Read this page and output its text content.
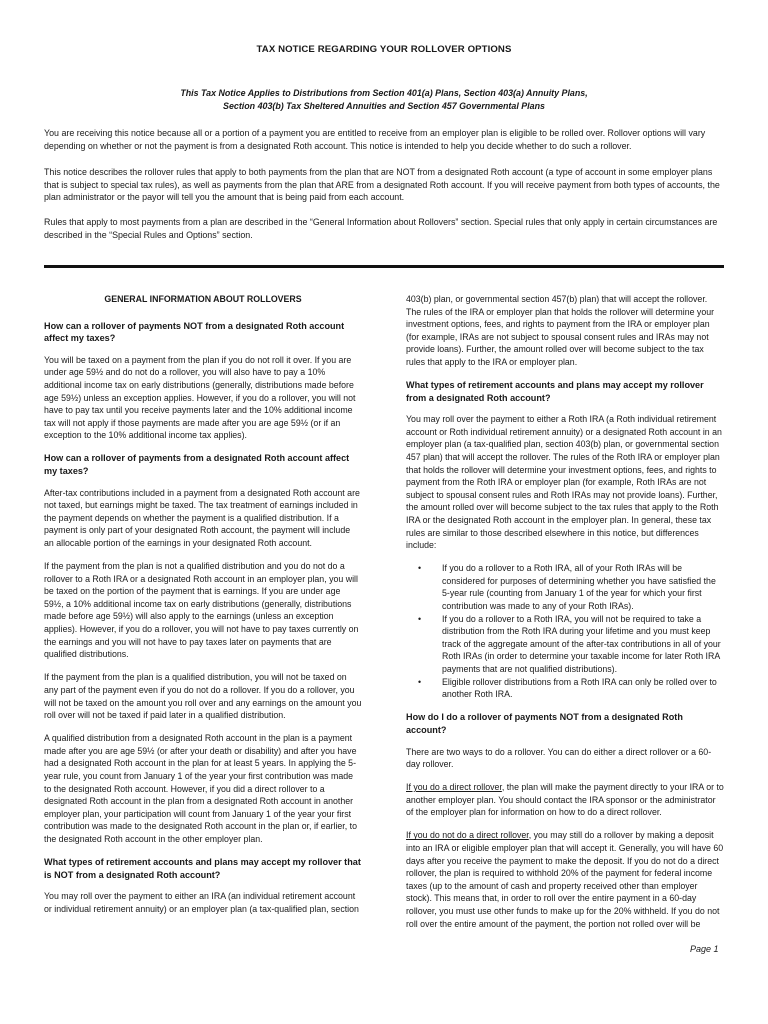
TAX NOTICE REGARDING YOUR ROLLOVER OPTIONS
This Tax Notice Applies to Distributions from Section 401(a) Plans, Section 403(a) Annuity Plans,
Section 403(b) Tax Sheltered Annuities and Section 457 Governmental Plans
You are receiving this notice because all or a portion of a payment you are entitled to receive from an employer plan is eligible to be rolled over. Rollover options will vary depending on whether or not the payment is from a designated Roth account. This notice is intended to help you decide whether to do such a rollover.
This notice describes the rollover rules that apply to both payments from the plan that are NOT from a designated Roth account (a type of account in some employer plans that is subject to special tax rules), as well as payments from the plan that ARE from a designated Roth account. If you will receive payment from both types of accounts, the plan administrator or the payor will tell you the amount that is being paid from each account.
Rules that apply to most payments from a plan are described in the “General Information about Rollovers” section. Special rules that only apply in certain circumstances are described in the “Special Rules and Options” section.

GENERAL INFORMATION ABOUT ROLLOVERS

How can a rollover of payments NOT from a designated Roth account affect my taxes?

You will be taxed on a payment from the plan if you do not roll it over. If you are under age 59½ and do not do a rollover, you will also have to pay a 10% additional income tax on early distributions (generally, distributions made before age 59½) unless an exception applies. However, if you do a rollover, you will not have to pay tax until you receive payments later and the 10% additional income tax will not apply if those payments are made after you are age 59½ (or if an exception to the 10% additional income tax applies).

How can a rollover of payments from a designated Roth account affect my taxes?

After-tax contributions included in a payment from a designated Roth account are not taxed, but earnings might be taxed. The tax treatment of earnings included in the payment depends on whether the payment is a qualified distribution. If a payment is only part of your designated Roth account, the payment will include an allocable portion of the earnings in your designated Roth account.

If the payment from the plan is not a qualified distribution and you do not do a rollover to a Roth IRA or a designated Roth account in an employer plan, you will be taxed on the portion of the payment that is earnings. If you are under age 59½, a 10% additional income tax on early distributions (generally, distributions made before age 59½) will also apply to the earnings (unless an exception applies). However, if you do a rollover, you will not have to pay taxes currently on the earnings and you will not have to pay taxes later on payments that are qualified distributions.

If the payment from the plan is a qualified distribution, you will not be taxed on any part of the payment even if you do not do a rollover. If you do a rollover, you will not be taxed on the amount you roll over and any earnings on the amount you roll over will not be taxed if paid later in a qualified distribution.

A qualified distribution from a designated Roth account in the plan is a payment made after you are age 59½ (or after your death or disability) and after you have had a designated Roth account in the plan for at least 5 years. In applying the 5-year rule, you count from January 1 of the year your first contribution was made to the designated Roth account. However, if you did a direct rollover to a designated Roth account in the plan from a designated Roth account in another employer plan, your participation will count from January 1 of the year your first contribution was made to the designated Roth account in the plan or, if earlier, to the designated Roth account in the other employer plan.

What types of retirement accounts and plans may accept my rollover that is NOT from a designated Roth account?

You may roll over the payment to either an IRA (an individual retirement account or individual retirement annuity) or an employer plan (a tax-qualified plan, section

403(b) plan, or governmental section 457(b) plan) that will accept the rollover. The rules of the IRA or employer plan that holds the rollover will determine your investment options, fees, and rights to payment from the IRA or employer plan (for example, IRAs are not subject to spousal consent rules and IRAs may not provide loans). Further, the amount rolled over will become subject to the tax rules that apply to the IRA or employer plan.

What types of retirement accounts and plans may accept my rollover from a designated Roth account?

You may roll over the payment to either a Roth IRA (a Roth individual retirement account or Roth individual retirement annuity) or a designated Roth account in an employer plan (a tax-qualified plan, section 403(b) plan, or governmental section 457 plan) that will accept the rollover. The rules of the Roth IRA or employer plan that holds the rollover will determine your investment options, fees, and rights to payment from the Roth IRA or employer plan (for example, Roth IRAs are not subject to spousal consent rules and Roth IRAs may not provide loans). Further, the amount rolled over will become subject to the tax rules that apply to the Roth IRA or the designated Roth account in the employer plan. In general, these tax rules are similar to those described elsewhere in this notice, but differences include:

• If you do a rollover to a Roth IRA, all of your Roth IRAs will be considered for purposes of determining whether you have satisfied the 5-year rule (counting from January 1 of the year for which your first contribution was made to any of your Roth IRAs).
• If you do a rollover to a Roth IRA, you will not be required to take a distribution from the Roth IRA during your lifetime and you must keep track of the aggregate amount of the after-tax contributions in all of your Roth IRAs (in order to determine your taxable income for later Roth IRA payments that are not qualified distributions).
• Eligible rollover distributions from a Roth IRA can only be rolled over to another Roth IRA.

How do I do a rollover of payments NOT from a designated Roth account?

There are two ways to do a rollover. You can do either a direct rollover or a 60-day rollover.

If you do a direct rollover, the plan will make the payment directly to your IRA or to another employer plan. You should contact the IRA sponsor or the administrator of the employer plan for information on how to do a direct rollover.

If you do not do a direct rollover, you may still do a rollover by making a deposit into an IRA or eligible employer plan that will accept it. Generally, you will have 60 days after you receive the payment to make the deposit. If you do not do a direct rollover, the plan is required to withhold 20% of the payment for federal income taxes (up to the amount of cash and property received other than employer stock). This means that, in order to roll over the entire payment in a 60-day rollover, you must use other funds to make up for the 20% withheld. If you do not roll over the entire amount of the payment, the portion not rolled over will be

Page 1
